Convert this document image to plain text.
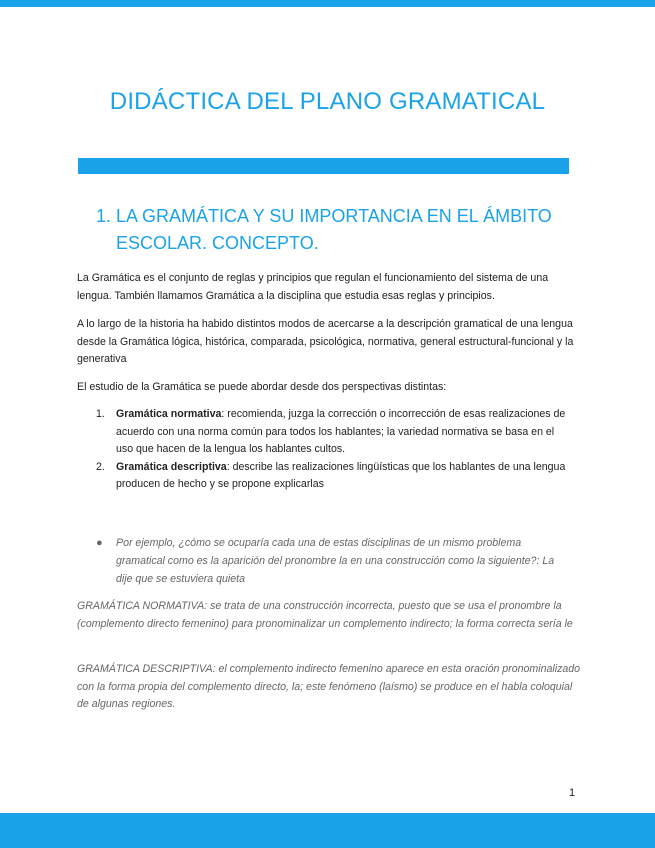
DIDÁCTICA DEL PLANO GRAMATICAL
1. LA GRAMÁTICA Y SU IMPORTANCIA EN EL ÁMBITO ESCOLAR. CONCEPTO.

La Gramática es el conjunto de reglas y principios que regulan el funcionamiento del sistema de una lengua. También llamamos Gramática a la disciplina que estudia esas reglas y principios.

A lo largo de la historia ha habido distintos modos de acercarse a la descripción gramatical de una lengua desde la Gramática lógica, histórica, comparada, psicológica, normativa, general estructural-funcional y la generativa

El estudio de la Gramática se puede abordar desde dos perspectivas distintas:

1. Gramática normativa: recomienda, juzga la corrección o incorrección de esas realizaciones de acuerdo con una norma común para todos los hablantes; la variedad normativa se basa en el uso que hacen de la lengua los hablantes cultos.
2. Gramática descriptiva: describe las realizaciones lingüísticas que los hablantes de una lengua producen de hecho y se propone explicarlas
● Por ejemplo, ¿cómo se ocuparía cada una de estas disciplinas de un mismo problema gramatical como es la aparición del pronombre la en una construcción como la siguiente?: La dije que se estuviera quieta

GRAMÁTICA NORMATIVA: se trata de una construcción incorrecta, puesto que se usa el pronombre la (complemento directo femenino) para pronominalizar un complemento indirecto; la forma correcta sería le

GRAMÁTICA DESCRIPTIVA: el complemento indirecto femenino aparece en esta oración pronominalizado con la forma propia del complemento directo, la; este fenómeno (laísmo) se produce en el habla coloquial de algunas regiones.

1
